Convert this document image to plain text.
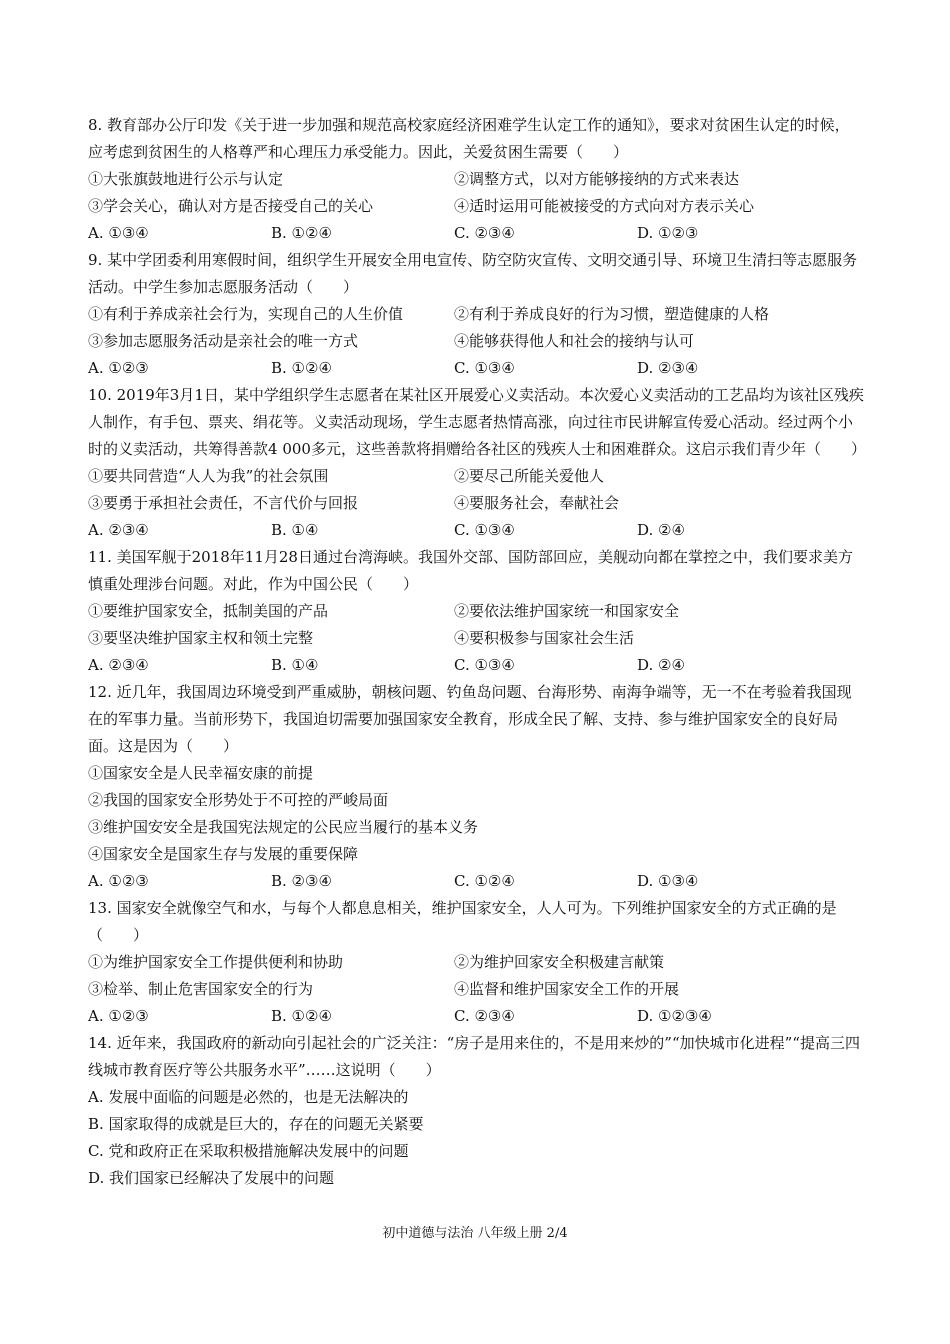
8. 教育部办公厅印发《关于进一步加强和规范高校家庭经济困难学生认定工作的通知》，要求对贫困生认定的时候，应考虑到贫困生的人格尊严和心理压力承受能力。因此，关爱贫困生需要（　　）

①大张旗鼓地进行公示与认定	②调整方式，以对方能够接纳的方式来表达
③学会关心，确认对方是否接受自己的关心	④适时运用可能被接受的方式向对方表示关心
A. ①③④	B. ①②④	C. ②③④	D. ①②③

9. 某中学团委利用寒假时间，组织学生开展安全用电宣传、防空防灾宣传、文明交通引导、环境卫生清扫等志愿服务活动。中学生参加志愿服务活动（　　）

①有利于养成亲社会行为，实现自己的人生价值	②有利于养成良好的行为习惯，塑造健康的人格
③参加志愿服务活动是亲社会的唯一方式	④能够获得他人和社会的接纳与认可
A. ①②③	B. ①②④	C. ①③④	D. ②③④

10. 2019年3月1日，某中学组织学生志愿者在某社区开展爱心义卖活动。本次爱心义卖活动的工艺品均为该社区残疾人制作，有手包、票夹、绢花等。义卖活动现场，学生志愿者热情高涨，向过往市民讲解宣传爱心活动。经过两个小时的义卖活动，共筹得善款4 000多元，这些善款将捐赠给各社区的残疾人士和困难群众。这启示我们青少年（　　）

①要共同营造“人人为我”的社会氛围	②要尽己所能关爱他人
③要勇于承担社会责任，不言代价与回报	④要服务社会，奉献社会
A. ②③④	B. ①④	C. ①③④	D. ②④

11. 美国军舰于2018年11月28日通过台湾海峡。我国外交部、国防部回应，美舰动向都在掌控之中，我们要求美方慎重处理涉台问题。对此，作为中国公民（　　）

①要维护国家安全，抵制美国的产品	②要依法维护国家统一和国家安全
③要坚决维护国家主权和领土完整	④要积极参与国家社会生活
A. ②③④	B. ①④	C. ①③④	D. ②④

12. 近几年，我国周边环境受到严重威胁，朝核问题、钓鱼岛问题、台海形势、南海争端等，无一不在考验着我国现在的军事力量。当前形势下，我国迫切需要加强国家安全教育，形成全民了解、支持、参与维护国家安全的良好局面。这是因为（　　）

①国家安全是人民幸福安康的前提
②我国的国家安全形势处于不可控的严峻局面
③维护国安安全是我国宪法规定的公民应当履行的基本义务
④国家安全是国家生存与发展的重要保障
A. ①②③	B. ②③④	C. ①②④	D. ①③④

13. 国家安全就像空气和水，与每个人都息息相关，维护国家安全，人人可为。下列维护国家安全的方式正确的是（　　）

①为维护国家安全工作提供便利和协助	②为维护回家安全积极建言献策
③检举、制止危害国家安全的行为	④监督和维护国家安全工作的开展
A. ①②③	B. ①②④	C. ②③④	D. ①②③④

14. 近年来，我国政府的新动向引起社会的广泛关注：“房子是用来住的，不是用来炒的”“加快城市化进程”“提高三四线城市教育医疗等公共服务水平”……这说明（　　）

A. 发展中面临的问题是必然的，也是无法解决的
B. 国家取得的成就是巨大的，存在的问题无关紧要
C. 党和政府正在采取积极措施解决发展中的问题
D. 我们国家已经解决了发展中的问题
初中道德与法治 八年级上册 2/4
